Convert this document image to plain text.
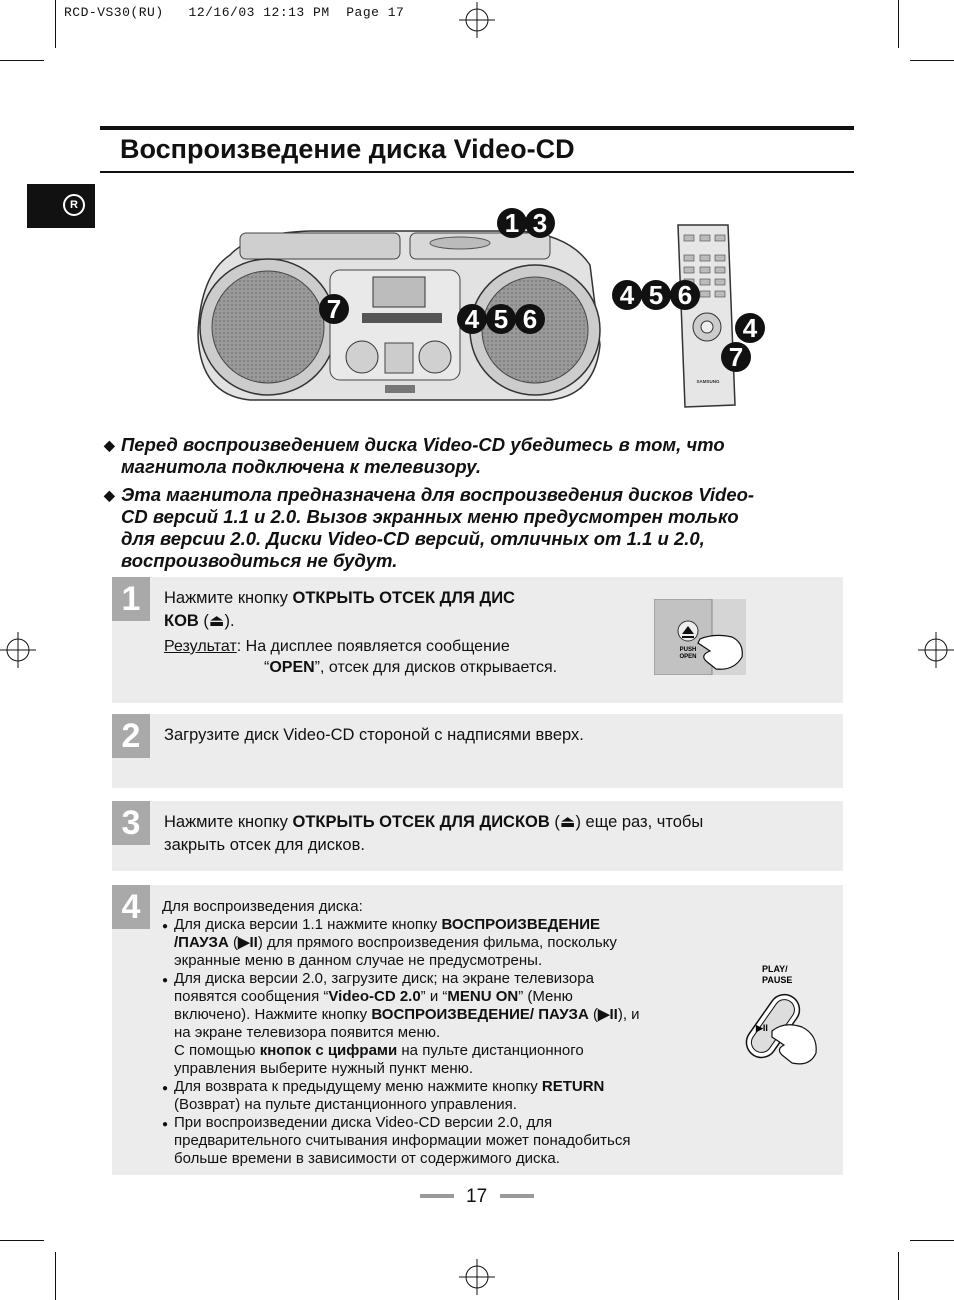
RCD-VS30(RU)   12/16/03 12:13 PM  Page 17
Воспроизведение диска Video-CD
R
1 3
7	4 5 6
SAMSUNG
4 5 6
4
7
◆ Перед воспроизведением диска Video-CD убедитесь в том, что
магнитола подключена к телевизору.
◆ Эта магнитола предназначена для воспроизведения дисков Video-
CD версий 1.1 и 2.0. Вызов экранных меню предусмотрен только
для версии 2.0. Диски Video-CD версий, отличных от 1.1 и 2.0,
воспроизводиться не будут.
1	Нажмите кнопку ОТКРЫТЬ ОТСЕК ДЛЯ ДИС
КОВ (⏏).
Результат: На дисплее появляется сообщение
“OPEN”, отсек для дисков открывается.
PUSH
OPEN
2	Загрузите диск Video-CD стороной с надписями вверх.
3	Нажмите кнопку ОТКРЫТЬ ОТСЕК ДЛЯ ДИСКОВ (⏏) еще раз, чтобы
закрыть отсек для дисков.
4	Для воспроизведения диска:
● Для диска версии 1.1 нажмите кнопку ВОСПРОИЗВЕДЕНИЕ
/ПАУЗА (▶II) для прямого воспроизведения фильма, поскольку
экранные меню в данном случае не предусмотрены.
● Для диска версии 2.0, загрузите диск; на экране телевизора
появятся сообщения “Video-CD 2.0” и “MENU ON” (Меню
включено). Нажмите кнопку ВОСПРОИЗВЕДЕНИЕ/ ПАУЗА (▶II), и
на экране телевизора появится меню.
С помощью кнопок с цифрами на пульте дистанционного
управления выберите нужный пункт меню.
● Для возврата к предыдущему меню нажмите кнопку RETURN
(Возврат) на пульте дистанционного управления.
● При воспроизведении диска Video-CD версии 2.0, для
предварительного считывания информации может понадобиться
больше времени в зависимости от содержимого диска.
PLAY/
PAUSE
▶II
17
